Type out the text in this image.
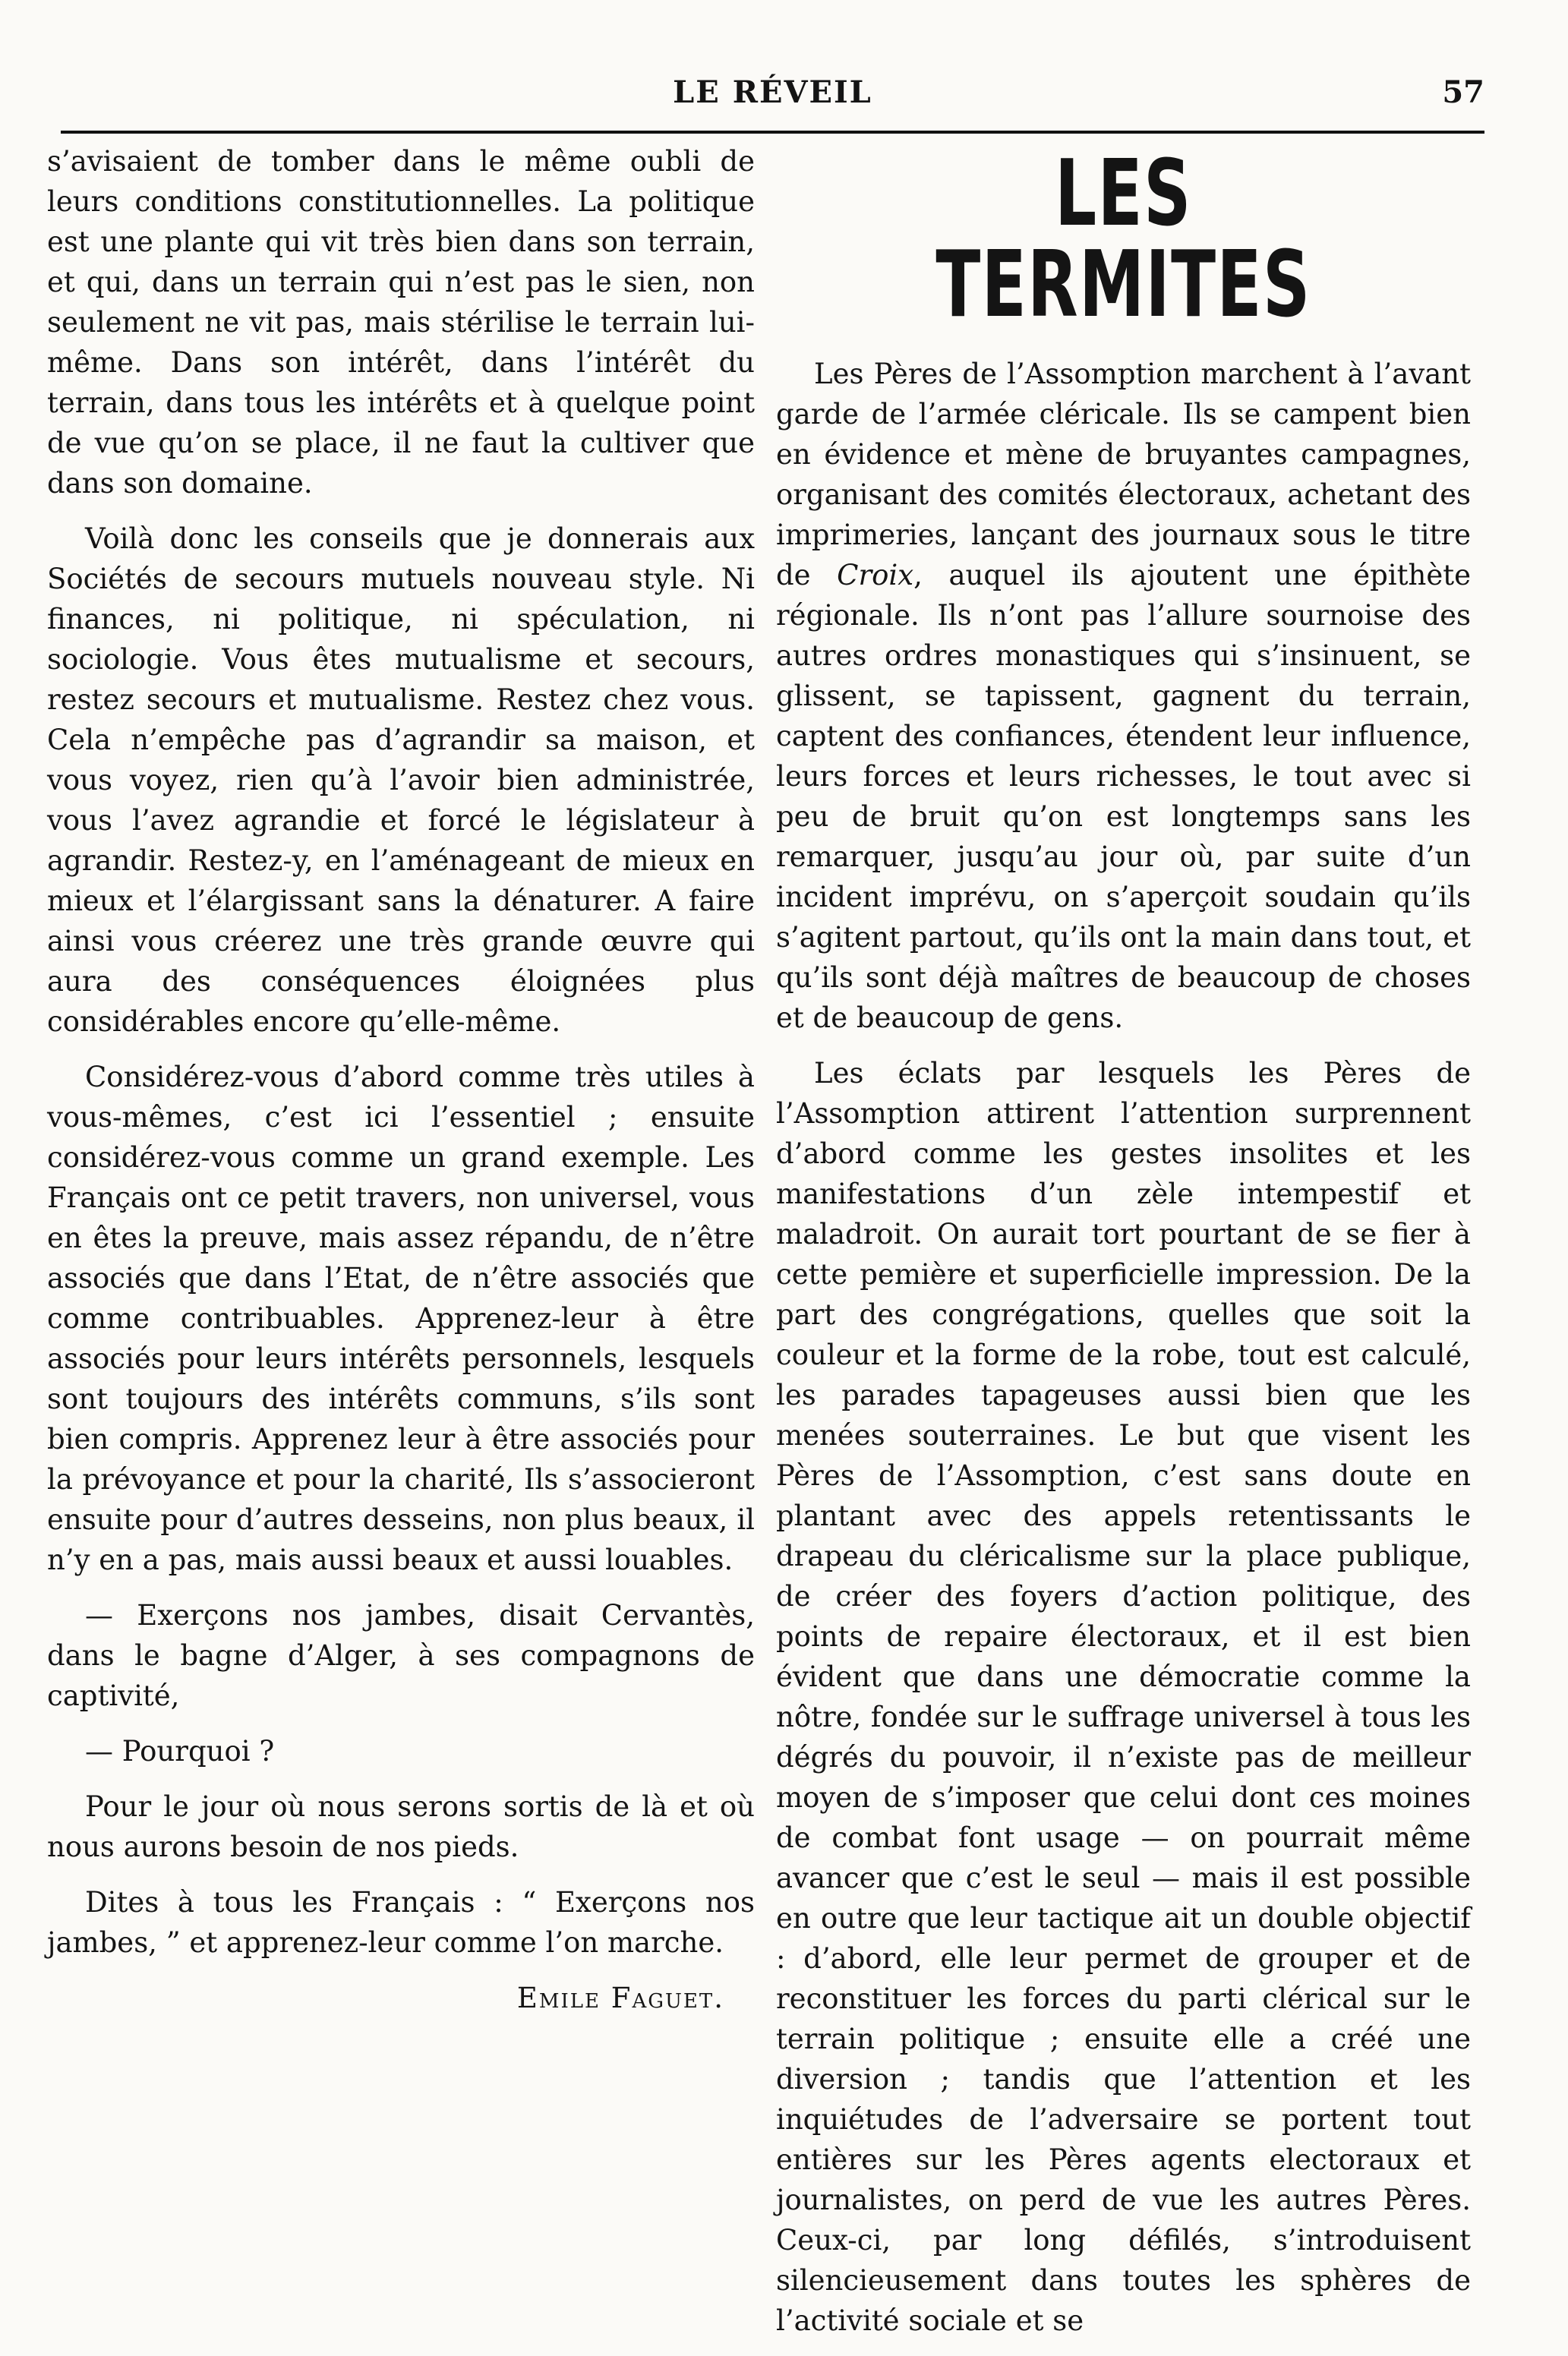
LE RÉVEIL	57

s’avisaient de tomber dans le même oubli de leurs conditions constitutionnelles. La politique est une plante qui vit très bien dans son terrain, et qui, dans un terrain qui n’est pas le sien, non seulement ne vit pas, mais stérilise le terrain lui-même. Dans son intérêt, dans l’intérêt du terrain, dans tous les intérêts et à quelque point de vue qu’on se place, il ne faut la cultiver que dans son domaine.

Voilà donc les conseils que je donnerais aux Sociétés de secours mutuels nouveau style. Ni finances, ni politique, ni spéculation, ni sociologie. Vous êtes mutualisme et secours, restez secours et mutualisme. Restez chez vous. Cela n’empêche pas d’agrandir sa maison, et vous voyez, rien qu’à l’avoir bien administrée, vous l’avez agrandie et forcé le législateur à agrandir. Restez-y, en l’aménageant de mieux en mieux et l’élargissant sans la dénaturer. A faire ainsi vous créerez une très grande œuvre qui aura des conséquences éloignées plus considérables encore qu’elle-même.

Considérez-vous d’abord comme très utiles à vous-mêmes, c’est ici l’essentiel ; ensuite considérez-vous comme un grand exemple. Les Français ont ce petit travers, non universel, vous en êtes la preuve, mais assez répandu, de n’être associés que dans l’Etat, de n’être associés que comme contribuables. Apprenez-leur à être associés pour leurs intérêts personnels, lesquels sont toujours des intérêts communs, s’ils sont bien compris. Apprenez leur à être associés pour la prévoyance et pour la charité, Ils s’associeront ensuite pour d’autres desseins, non plus beaux, il n’y en a pas, mais aussi beaux et aussi louables.

— Exerçons nos jambes, disait Cervantès, dans le bagne d’Alger, à ses compagnons de captivité,

— Pourquoi ?

Pour le jour où nous serons sortis de là et où nous aurons besoin de nos pieds.

Dites à tous les Français : “ Exerçons nos jambes, ” et apprenez-leur comme l’on marche.

Emile Faguet.
LES TERMITES

Les Pères de l’Assomption marchent à l’avant garde de l’armée cléricale. Ils se campent bien en évidence et mène de bruyantes campagnes, organisant des comités électoraux, achetant des imprimeries, lançant des journaux sous le titre de Croix, auquel ils ajoutent une épithète régionale. Ils n’ont pas l’allure sournoise des autres ordres monastiques qui s’insinuent, se glissent, se tapissent, gagnent du terrain, captent des confiances, étendent leur influence, leurs forces et leurs richesses, le tout avec si peu de bruit qu’on est longtemps sans les remarquer, jusqu’au jour où, par suite d’un incident imprévu, on s’aperçoit soudain qu’ils s’agitent partout, qu’ils ont la main dans tout, et qu’ils sont déjà maîtres de beaucoup de choses et de beaucoup de gens.

Les éclats par lesquels les Pères de l’Assomption attirent l’attention surprennent d’abord comme les gestes insolites et les manifestations d’un zèle intempestif et maladroit. On aurait tort pourtant de se fier à cette pemière et superficielle impression. De la part des congrégations, quelles que soit la couleur et la forme de la robe, tout est calculé, les parades tapageuses aussi bien que les menées souterraines. Le but que visent les Pères de l’Assomption, c’est sans doute en plantant avec des appels retentissants le drapeau du cléricalisme sur la place publique, de créer des foyers d’action politique, des points de repaire électoraux, et il est bien évident que dans une démocratie comme la nôtre, fondée sur le suffrage universel à tous les dégrés du pouvoir, il n’existe pas de meilleur moyen de s’imposer que celui dont ces moines de combat font usage — on pourrait même avancer que c’est le seul — mais il est possible en outre que leur tactique ait un double objectif : d’abord, elle leur permet de grouper et de reconstituer les forces du parti clérical sur le terrain politique ; ensuite elle a créé une diversion ; tandis que l’attention et les inquiétudes de l’adversaire se portent tout entières sur les Pères agents electoraux et journalistes, on perd de vue les autres Pères. Ceux-ci, par long défilés, s’introduisent silencieusement dans toutes les sphères de l’activité sociale et se
